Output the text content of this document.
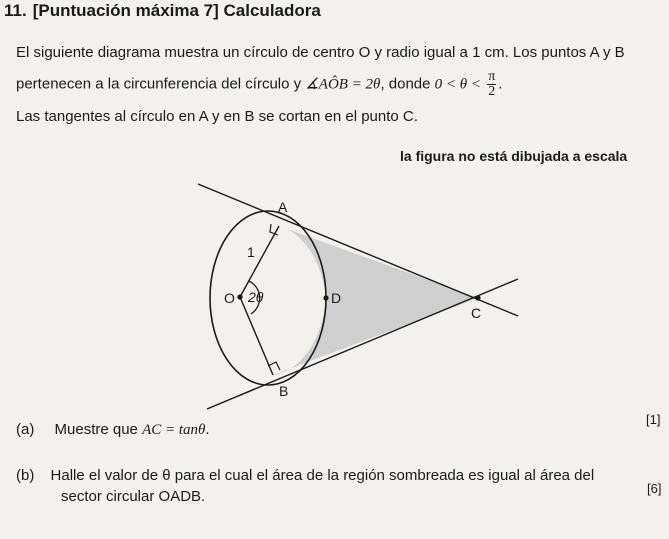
11. [Puntuación máxima 7] Calculadora
El siguiente diagrama muestra un círculo de centro O y radio igual a 1 cm. Los puntos A y B
pertenecen a la circunferencia del círculo y ∡AÔB = 2θ, donde $0 < \theta < \frac{\pi}{2}$ .
Las tangentes al círculo en A y en B se cortan en el punto C.
la figura no está dibujada a escala
A
B
C
D
O
1
2θ
(a) Muestre que AC = tanθ.
[1]
(b) Halle el valor de θ para el cual el área de la región sombreada es igual al área del
sector circular OADB.	[6]
